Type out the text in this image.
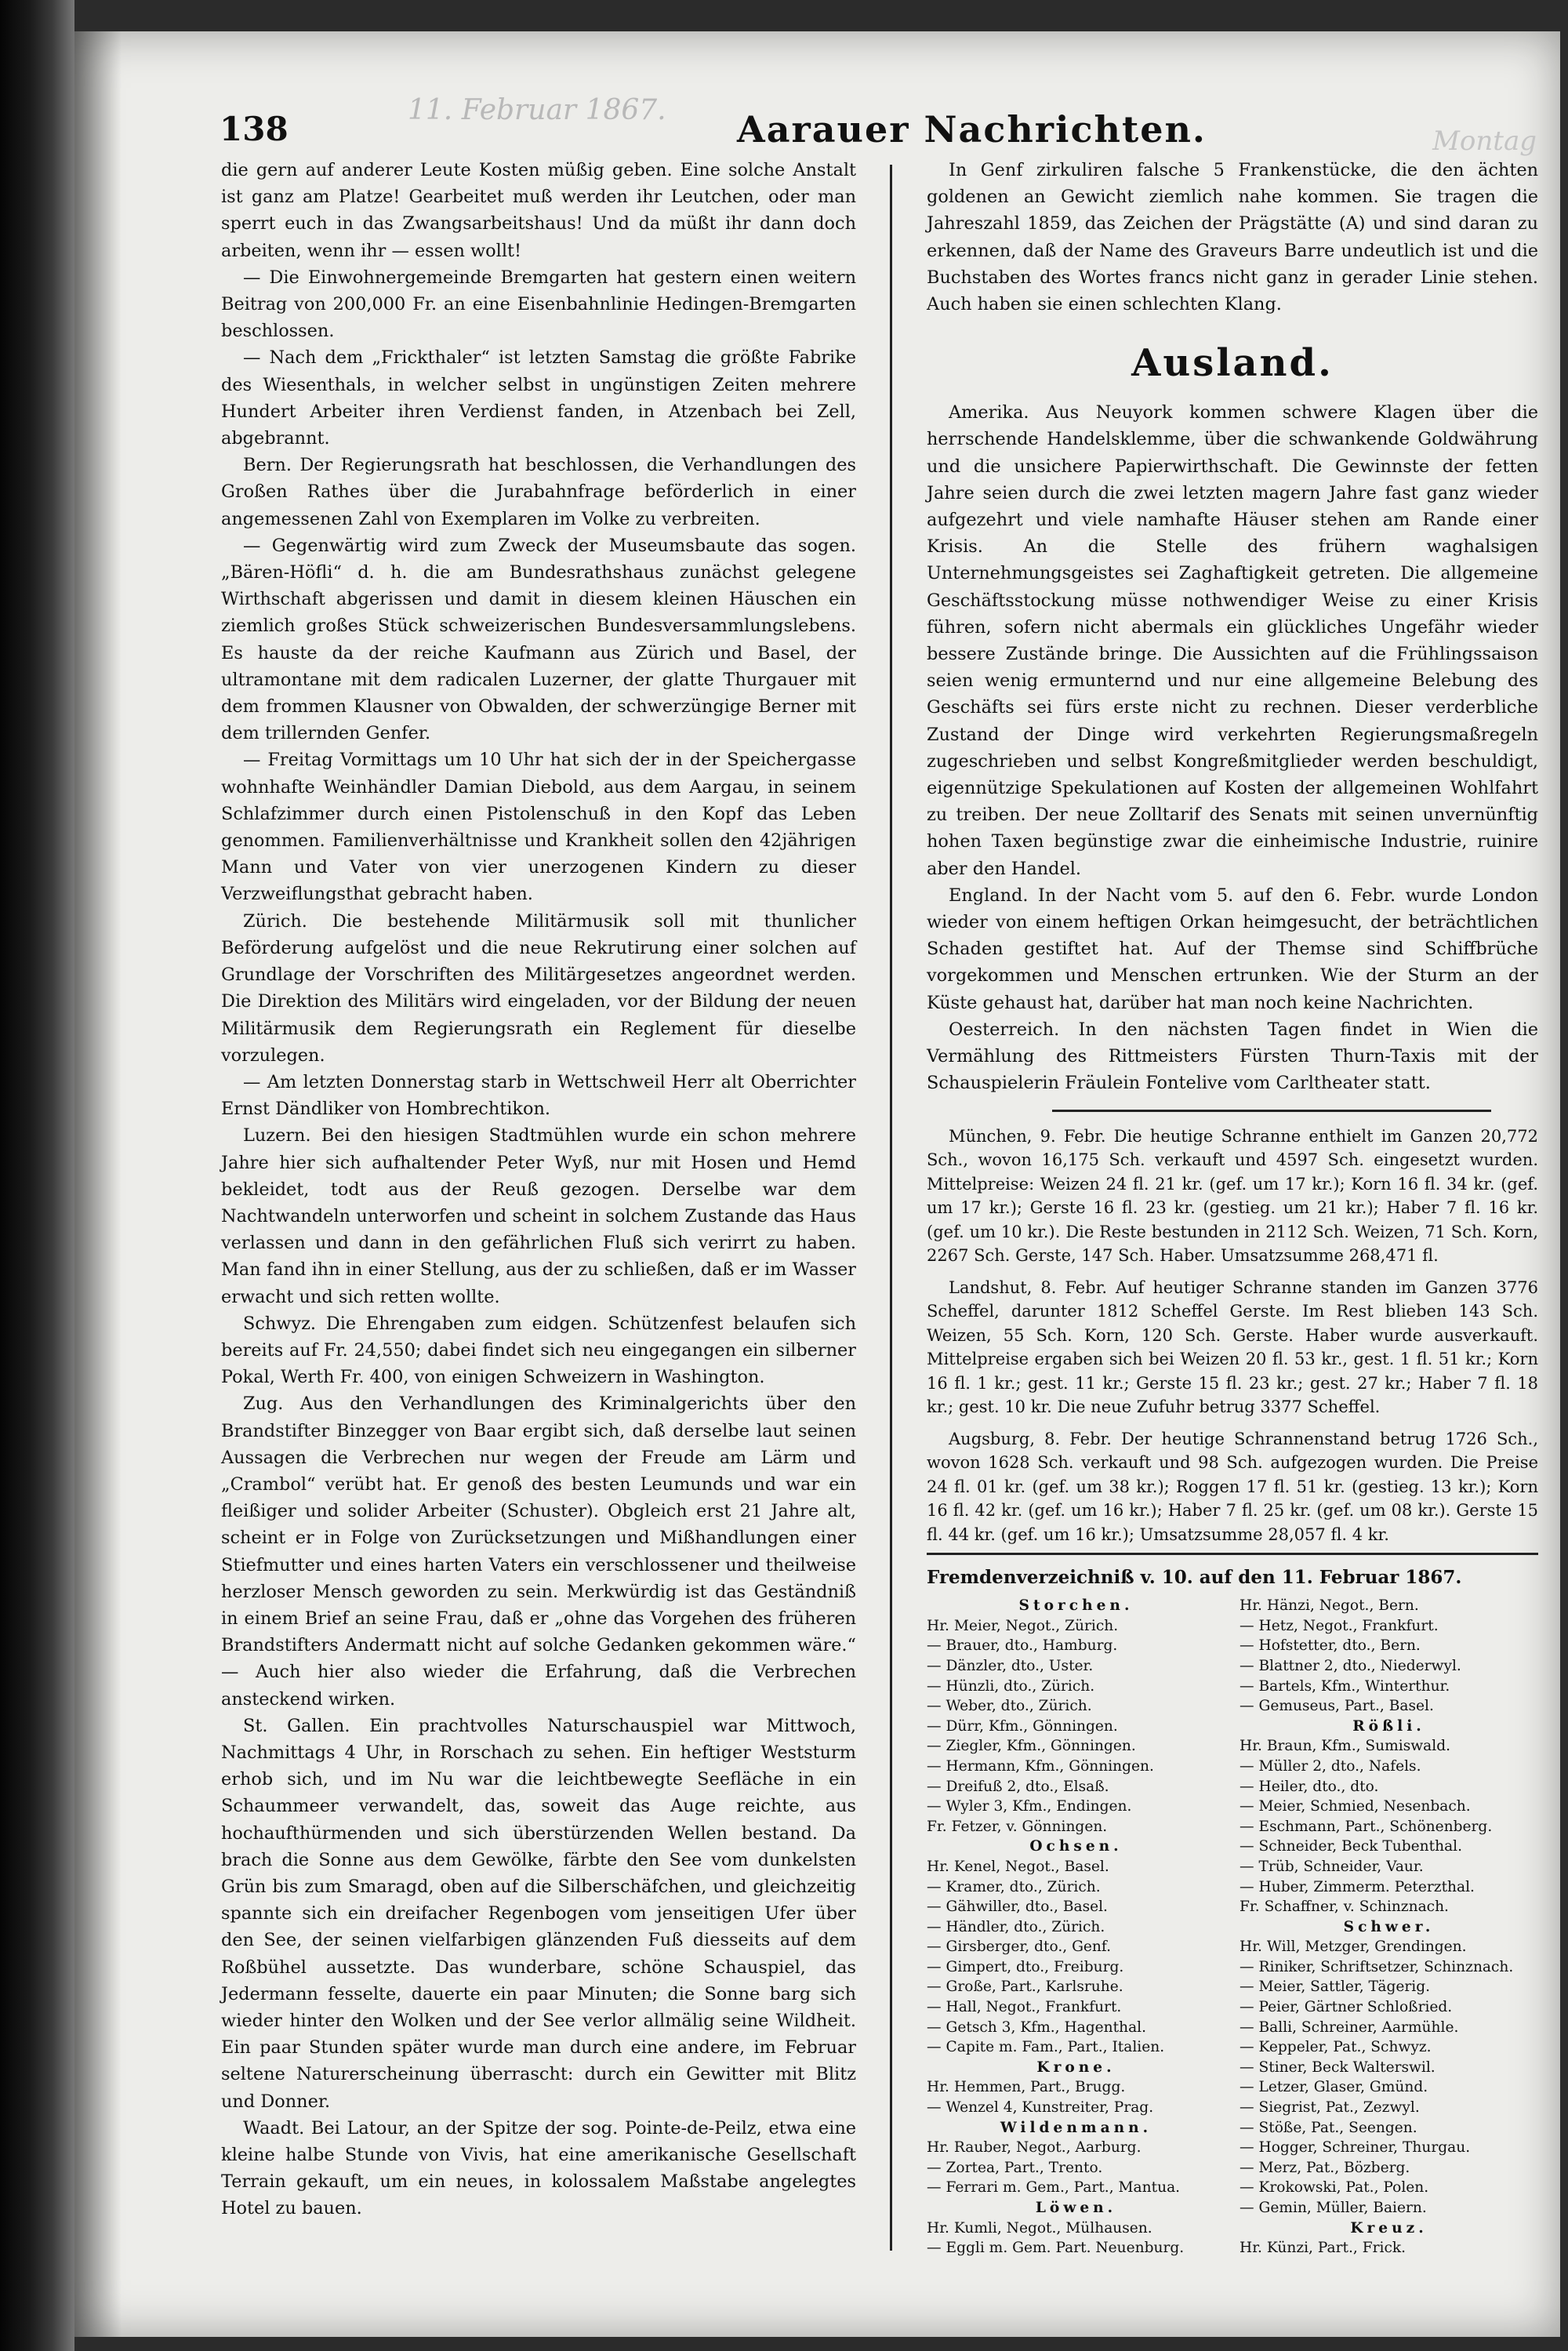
138	11. Februar 1867. Aarauer Nachrichten.	Montag

die gern auf anderer Leute Kosten müßig geben. Eine solche Anstalt ist ganz am Platze! Gearbeitet muß werden ihr Leutchen, oder man sperrt euch in das Zwangsarbeitshaus! Und da müßt ihr dann doch arbeiten, wenn ihr — essen wollt!

— Die Einwohnergemeinde Bremgarten hat gestern einen weitern Beitrag von 200,000 Fr. an eine Eisenbahnlinie Hedingen-Bremgarten beschlossen.

— Nach dem „Frickthaler“ ist letzten Samstag die größte Fabrike des Wiesenthals, in welcher selbst in ungünstigen Zeiten mehrere Hundert Arbeiter ihren Verdienst fanden, in Atzenbach bei Zell, abgebrannt.

Bern. Der Regierungsrath hat beschlossen, die Verhandlungen des Großen Rathes über die Jurabahnfrage beförderlich in einer angemessenen Zahl von Exemplaren im Volke zu verbreiten.

— Gegenwärtig wird zum Zweck der Museumsbaute das sogen. „Bären-Höfli“ d. h. die am Bundesrathshaus zunächst gelegene Wirthschaft abgerissen und damit in diesem kleinen Häuschen ein ziemlich großes Stück schweizerischen Bundesversammlungslebens. Es hauste da der reiche Kaufmann aus Zürich und Basel, der ultramontane mit dem radicalen Luzerner, der glatte Thurgauer mit dem frommen Klausner von Obwalden, der schwerzüngige Berner mit dem trillernden Genfer.

— Freitag Vormittags um 10 Uhr hat sich der in der Speichergasse wohnhafte Weinhändler Damian Diebold, aus dem Aargau, in seinem Schlafzimmer durch einen Pistolenschuß in den Kopf das Leben genommen. Familienverhältnisse und Krankheit sollen den 42jährigen Mann und Vater von vier unerzogenen Kindern zu dieser Verzweiflungsthat gebracht haben.

Zürich. Die bestehende Militärmusik soll mit thunlicher Beförderung aufgelöst und die neue Rekrutirung einer solchen auf Grundlage der Vorschriften des Militärgesetzes angeordnet werden. Die Direktion des Militärs wird eingeladen, vor der Bildung der neuen Militärmusik dem Regierungsrath ein Reglement für dieselbe vorzulegen.

— Am letzten Donnerstag starb in Wettschweil Herr alt Oberrichter Ernst Dändliker von Hombrechtikon.

Luzern. Bei den hiesigen Stadtmühlen wurde ein schon mehrere Jahre hier sich aufhaltender Peter Wyß, nur mit Hosen und Hemd bekleidet, todt aus der Reuß gezogen. Derselbe war dem Nachtwandeln unterworfen und scheint in solchem Zustande das Haus verlassen und dann in den gefährlichen Fluß sich verirrt zu haben. Man fand ihn in einer Stellung, aus der zu schließen, daß er im Wasser erwacht und sich retten wollte.

Schwyz. Die Ehrengaben zum eidgen. Schützenfest belaufen sich bereits auf Fr. 24,550; dabei findet sich neu eingegangen ein silberner Pokal, Werth Fr. 400, von einigen Schweizern in Washington.

Zug. Aus den Verhandlungen des Kriminalgerichts über den Brandstifter Binzegger von Baar ergibt sich, daß derselbe laut seinen Aussagen die Verbrechen nur wegen der Freude am Lärm und „Crambol“ verübt hat. Er genoß des besten Leumunds und war ein fleißiger und solider Arbeiter (Schuster). Obgleich erst 21 Jahre alt, scheint er in Folge von Zurücksetzungen und Mißhandlungen einer Stiefmutter und eines harten Vaters ein verschlossener und theilweise herzloser Mensch geworden zu sein. Merkwürdig ist das Geständniß in einem Brief an seine Frau, daß er „ohne das Vorgehen des früheren Brandstifters Andermatt nicht auf solche Gedanken gekommen wäre.“ — Auch hier also wieder die Erfahrung, daß die Verbrechen ansteckend wirken.

St. Gallen. Ein prachtvolles Naturschauspiel war Mittwoch, Nachmittags 4 Uhr, in Rorschach zu sehen. Ein heftiger Weststurm erhob sich, und im Nu war die leichtbewegte Seefläche in ein Schaummeer verwandelt, das, soweit das Auge reichte, aus hochaufthürmenden und sich überstürzenden Wellen bestand. Da brach die Sonne aus dem Gewölke, färbte den See vom dunkelsten Grün bis zum Smaragd, oben auf die Silberschäfchen, und gleichzeitig spannte sich ein dreifacher Regenbogen vom jenseitigen Ufer über den See, der seinen vielfarbigen glänzenden Fuß diesseits auf dem Roßbühel aussetzte. Das wunderbare, schöne Schauspiel, das Jedermann fesselte, dauerte ein paar Minuten; die Sonne barg sich wieder hinter den Wolken und der See verlor allmälig seine Wildheit. Ein paar Stunden später wurde man durch eine andere, im Februar seltene Naturerscheinung überrascht: durch ein Gewitter mit Blitz und Donner.

Waadt. Bei Latour, an der Spitze der sog. Pointe-de-Peilz, etwa eine kleine halbe Stunde von Vivis, hat eine amerikanische Gesellschaft Terrain gekauft, um ein neues, in kolossalem Maßstabe angelegtes Hotel zu bauen.

In Genf zirkuliren falsche 5 Frankenstücke, die den ächten goldenen an Gewicht ziemlich nahe kommen. Sie tragen die Jahreszahl 1859, das Zeichen der Prägstätte (A) und sind daran zu erkennen, daß der Name des Graveurs Barre undeutlich ist und die Buchstaben des Wortes francs nicht ganz in gerader Linie stehen. Auch haben sie einen schlechten Klang.

Ausland.

Amerika. Aus Neuyork kommen schwere Klagen über die herrschende Handelsklemme, über die schwankende Goldwährung und die unsichere Papierwirthschaft. Die Gewinnste der fetten Jahre seien durch die zwei letzten magern Jahre fast ganz wieder aufgezehrt und viele namhafte Häuser stehen am Rande einer Krisis. An die Stelle des frühern waghalsigen Unternehmungsgeistes sei Zaghaftigkeit getreten. Die allgemeine Geschäftsstockung müsse nothwendiger Weise zu einer Krisis führen, sofern nicht abermals ein glückliches Ungefähr wieder bessere Zustände bringe. Die Aussichten auf die Frühlingssaison seien wenig ermunternd und nur eine allgemeine Belebung des Geschäfts sei fürs erste nicht zu rechnen. Dieser verderbliche Zustand der Dinge wird verkehrten Regierungsmaßregeln zugeschrieben und selbst Kongreßmitglieder werden beschuldigt, eigennützige Spekulationen auf Kosten der allgemeinen Wohlfahrt zu treiben. Der neue Zolltarif des Senats mit seinen unvernünftig hohen Taxen begünstige zwar die einheimische Industrie, ruinire aber den Handel.

England. In der Nacht vom 5. auf den 6. Febr. wurde London wieder von einem heftigen Orkan heimgesucht, der beträchtlichen Schaden gestiftet hat. Auf der Themse sind Schiffbrüche vorgekommen und Menschen ertrunken. Wie der Sturm an der Küste gehaust hat, darüber hat man noch keine Nachrichten.

Oesterreich. In den nächsten Tagen findet in Wien die Vermählung des Rittmeisters Fürsten Thurn-Taxis mit der Schauspielerin Fräulein Fontelive vom Carltheater statt.

München, 9. Febr. Die heutige Schranne enthielt im Ganzen 20,772 Sch., wovon 16,175 Sch. verkauft und 4597 Sch. eingesetzt wurden. Mittelpreise: Weizen 24 fl. 21 kr. (gef. um 17 kr.); Korn 16 fl. 34 kr. (gef. um 17 kr.); Gerste 16 fl. 23 kr. (gestieg. um 21 kr.); Haber 7 fl. 16 kr. (gef. um 10 kr.). Die Reste bestunden in 2112 Sch. Weizen, 71 Sch. Korn, 2267 Sch. Gerste, 147 Sch. Haber. Umsatzsumme 268,471 fl.

Landshut, 8. Febr. Auf heutiger Schranne standen im Ganzen 3776 Scheffel, darunter 1812 Scheffel Gerste. Im Rest blieben 143 Sch. Weizen, 55 Sch. Korn, 120 Sch. Gerste. Haber wurde ausverkauft. Mittelpreise ergaben sich bei Weizen 20 fl. 53 kr., gest. 1 fl. 51 kr.; Korn 16 fl. 1 kr.; gest. 11 kr.; Gerste 15 fl. 23 kr.; gest. 27 kr.; Haber 7 fl. 18 kr.; gest. 10 kr. Die neue Zufuhr betrug 3377 Scheffel.

Augsburg, 8. Febr. Der heutige Schrannenstand betrug 1726 Sch., wovon 1628 Sch. verkauft und 98 Sch. aufgezogen wurden. Die Preise 24 fl. 01 kr. (gef. um 38 kr.); Roggen 17 fl. 51 kr. (gestieg. 13 kr.); Korn 16 fl. 42 kr. (gef. um 16 kr.); Haber 7 fl. 25 kr. (gef. um 08 kr.). Gerste 15 fl. 44 kr. (gef. um 16 kr.); Umsatzsumme 28,057 fl. 4 kr.

Fremdenverzeichniß v. 10. auf den 11. Februar 1867.

Storchen.
Hr. Meier, Negot., Zürich.
— Brauer, dto., Hamburg.
— Dänzler, dto., Uster.
— Hünzli, dto., Zürich.
— Weber, dto., Zürich.
— Dürr, Kfm., Gönningen.
— Ziegler, Kfm., Gönningen.
— Hermann, Kfm., Gönningen.
— Dreifuß 2, dto., Elsaß.
— Wyler 3, Kfm., Endingen.
Fr. Fetzer, v. Gönningen.
Ochsen.
Hr. Kenel, Negot., Basel.
— Kramer, dto., Zürich.
— Gähwiller, dto., Basel.
— Händler, dto., Zürich.
— Girsberger, dto., Genf.
— Gimpert, dto., Freiburg.
— Große, Part., Karlsruhe.
— Hall, Negot., Frankfurt.
— Getsch 3, Kfm., Hagenthal.
— Capite m. Fam., Part., Italien.
Krone.
Hr. Hemmen, Part., Brugg.
— Wenzel 4, Kunstreiter, Prag.
Wildenmann.
Hr. Rauber, Negot., Aarburg.
— Zortea, Part., Trento.
— Ferrari m. Gem., Part., Mantua.
Löwen.
Hr. Kumli, Negot., Mülhausen.
— Eggli m. Gem. Part. Neuenburg.
Hr. Hänzi, Negot., Bern.
— Hetz, Negot., Frankfurt.
— Hofstetter, dto., Bern.
— Blattner 2, dto., Niederwyl.
— Bartels, Kfm., Winterthur.
— Gemuseus, Part., Basel.
Rößli.
Hr. Braun, Kfm., Sumiswald.
— Müller 2, dto., Nafels.
— Heiler, dto., dto.
— Meier, Schmied, Nesenbach.
— Eschmann, Part., Schönenberg.
— Schneider, Beck Tubenthal.
— Trüb, Schneider, Vaur.
— Huber, Zimmerm. Peterzthal.
Fr. Schaffner, v. Schinznach.
Schwer.
Hr. Will, Metzger, Grendingen.
— Riniker, Schriftsetzer, Schinznach.
— Meier, Sattler, Tägerig.
— Peier, Gärtner Schloßried.
— Balli, Schreiner, Aarmühle.
— Keppeler, Pat., Schwyz.
— Stiner, Beck Walterswil.
— Letzer, Glaser, Gmünd.
— Siegrist, Pat., Zezwyl.
— Stöße, Pat., Seengen.
— Hogger, Schreiner, Thurgau.
— Merz, Pat., Bözberg.
— Krokowski, Pat., Polen.
— Gemin, Müller, Baiern.
Kreuz.
Hr. Künzi, Part., Frick.
